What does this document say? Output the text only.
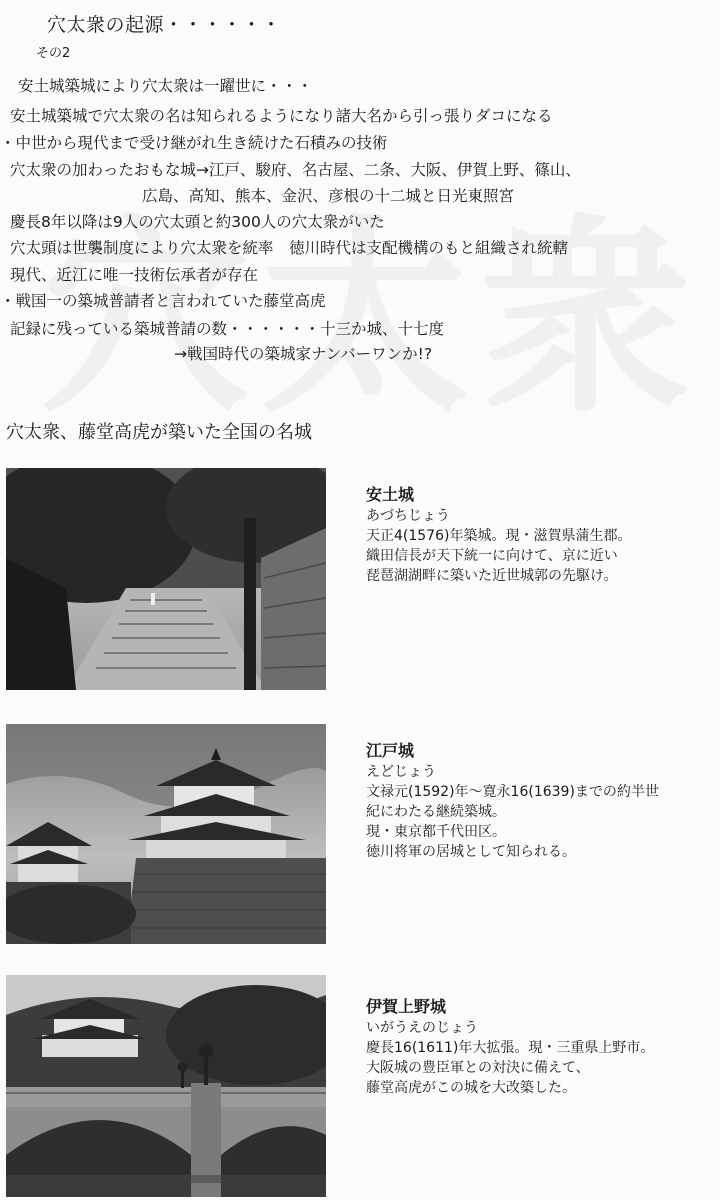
穴太衆の起源・・・・・・
その2
安土城築城により穴太衆は一躍世に・・・
安土城築城で穴太衆の名は知られるようになり諸大名から引っ張りダコになる
・中世から現代まで受け継がれ生き続けた石積みの技術
穴太衆の加わったおもな城→江戸、駿府、名古屋、二条、大阪、伊賀上野、篠山、
広島、高知、熊本、金沢、彦根の十二城と日光東照宮
慶長8年以降は9人の穴太頭と約300人の穴太衆がいた
穴太頭は世襲制度により穴太衆を統率　徳川時代は支配機構のもと組織され統轄
現代、近江に唯一技術伝承者が存在
・戦国一の築城普請者と言われていた藤堂高虎
記録に残っている築城普請の数・・・・・・十三か城、十七度
→戦国時代の築城家ナンバーワンか!?
穴太衆、藤堂高虎が築いた全国の名城
安土城
あづちじょう
天正4(1576)年築城。現・滋賀県蒲生郡。
織田信長が天下統一に向けて、京に近い
琵琶湖湖畔に築いた近世城郭の先駆け。
江戸城
えどじょう
文禄元(1592)年～寛永16(1639)までの約半世
紀にわたる継続築城。
現・東京都千代田区。
徳川将軍の居城として知られる。
伊賀上野城
いがうえのじょう
慶長16(1611)年大拡張。現・三重県上野市。
大阪城の豊臣軍との対決に備えて、
藤堂高虎がこの城を大改築した。
